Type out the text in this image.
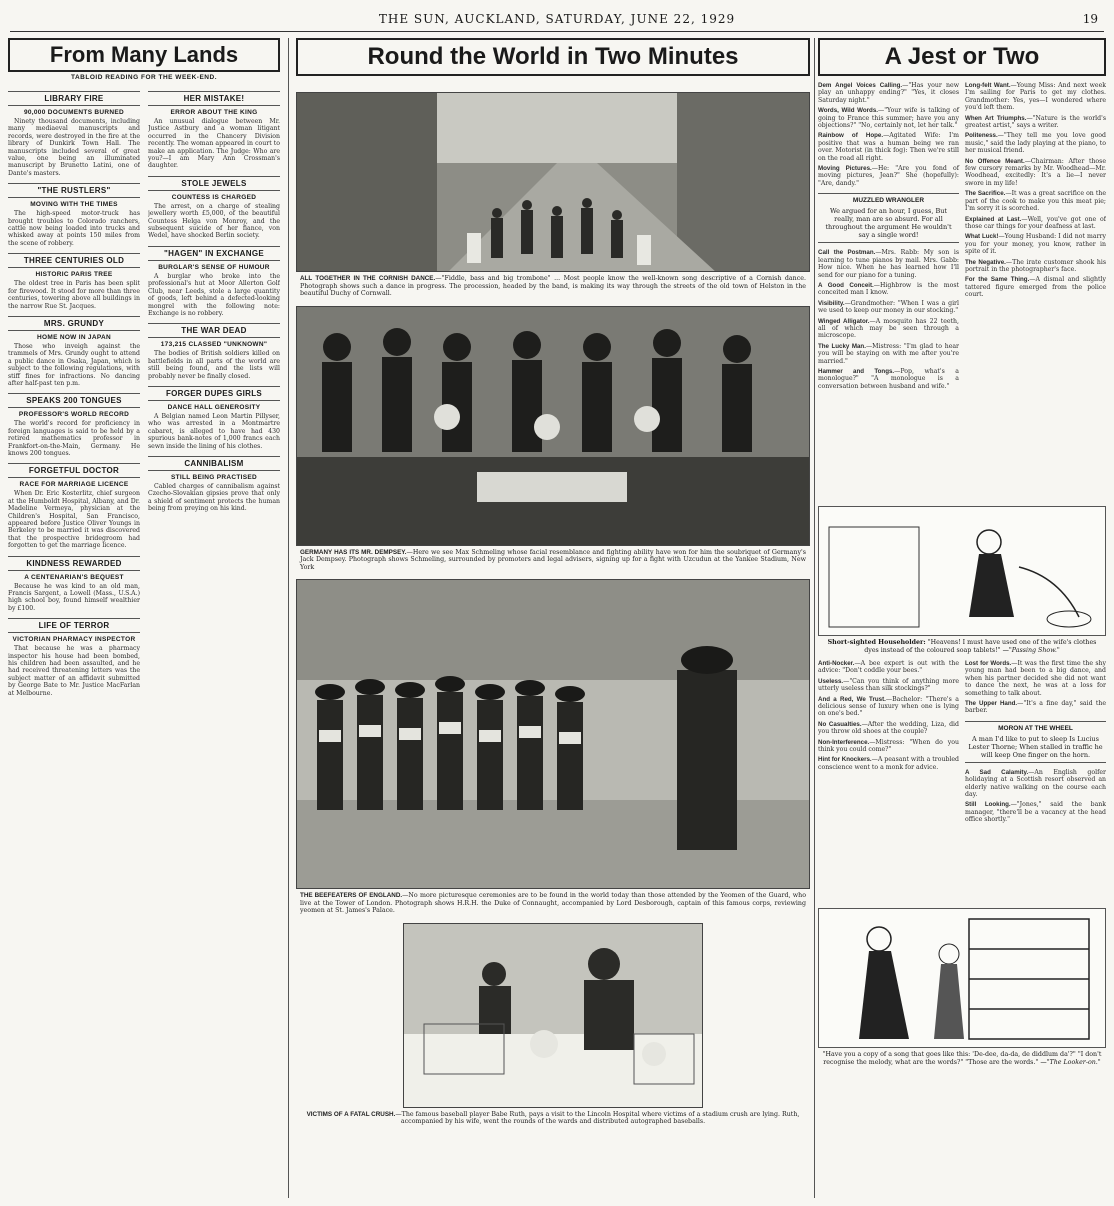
THE SUN, AUCKLAND, SATURDAY, JUNE 22, 1929	19
From Many Lands
TABLOID READING FOR THE WEEK-END.
LIBRARY FIRE
90,000 DOCUMENTS BURNED

Ninety thousand documents, including many mediaeval manuscripts and records, were destroyed in the fire at the library of Dunkirk Town Hall. The manuscripts included several of great value, one being an illuminated manuscript by Brunetto Latini, one of Dante's masters.

"THE RUSTLERS"
MOVING WITH THE TIMES

The high-speed motor-truck has brought troubles to Colorado ranchers, cattle now being loaded into trucks and whisked away at points 150 miles from the scene of robbery.

THREE CENTURIES OLD
HISTORIC PARIS TREE

The oldest tree in Paris has been split for firewood. It stood for more than three centuries, towering above all buildings in the narrow Rue St. Jacques.

MRS. GRUNDY
HOME NOW IN JAPAN

Those who inveigh against the trammels of Mrs. Grundy ought to attend a public dance in Osaka, Japan, which is subject to the following regulations, with stiff fines for infractions. No dancing after half-past ten p.m.

SPEAKS 200 TONGUES
PROFESSOR'S WORLD RECORD

The world's record for proficiency in foreign languages is said to be held by a retired mathematics professor in Frankfort-on-the-Main, Germany. He knows 200 tongues.

FORGETFUL DOCTOR
RACE FOR MARRIAGE LICENCE

When Dr. Eric Kosterlitz, chief surgeon at the Humboldt Hospital, Albany, and Dr. Madeline Vermeya, physician at the Children's Hospital, San Francisco, appeared before Justice Oliver Youngs in Berkeley to be married it was discovered that the prospective bridegroom had forgotten to get the marriage licence.

KINDNESS REWARDED
A CENTENARIAN'S BEQUEST

Because he was kind to an old man, Francis Sargent, a Lowell (Mass., U.S.A.) high school boy, found himself wealthier by £100.

LIFE OF TERROR
VICTORIAN PHARMACY INSPECTOR

That because he was a pharmacy inspector his house had been bombed, his children had been assaulted, and he had received threatening letters was the subject matter of an affidavit submitted by George Bate to Mr. Justice MacFarlan at Melbourne.

HER MISTAKE!
ERROR ABOUT THE KING

An unusual dialogue between Mr. Justice Astbury and a woman litigant occurred in the Chancery Division recently. The woman appeared in court to make an application. The Judge: Who are you?—I am Mary Ann Crossman's daughter.

STOLE JEWELS
COUNTESS IS CHARGED

The arrest, on a charge of stealing jewellery worth £5,000, of the beautiful Countess Helga von Monroy, and the subsequent suicide of her fiance, von Wedel, have shocked Berlin society.

"HAGEN" IN EXCHANGE
BURGLAR'S SENSE OF HUMOUR

A burglar who broke into the professional's hut at Moor Allerton Golf Club, near Leeds, stole a large quantity of goods, left behind a defected-looking mongrel with the following note: Exchange is no robbery.

THE WAR DEAD
173,215 CLASSED "UNKNOWN"

The bodies of British soldiers killed on battlefields in all parts of the world are still being found, and the lists will probably never be finally closed.

FORGER DUPES GIRLS
DANCE HALL GENEROSITY

A Belgian named Leon Martin Pillyser, who was arrested in a Montmartre cabaret, is alleged to have had 430 spurious bank-notes of 1,000 francs each sewn inside the lining of his clothes.

CANNIBALISM
STILL BEING PRACTISED

Cabled charges of cannibalism against Czecho-Slovakian gipsies prove that only a shield of sentiment protects the human being from preying on his kind.

Round the World in Two Minutes

ALL TOGETHER IN THE CORNISH DANCE.—"Fiddle, bass and big trombone" ... Most people know the well-known song descriptive of a Cornish dance. Photograph shows such a dance in progress. The procession, headed by the band, is making its way through the streets of the old town of Helston in the beautiful Duchy of Cornwall.

GERMANY HAS ITS MR. DEMPSEY.—Here we see Max Schmeling whose facial resemblance and fighting ability have won for him the soubriquet of Germany's Jack Dempsey. Photograph shows Schmeling, surrounded by promoters and legal advisers, signing up for a fight with Uzcudun at the Yankee Stadium, New York

THE BEEFEATERS OF ENGLAND.—No more picturesque ceremonies are to be found in the world today than those attended by the Yeomen of the Guard, who live at the Tower of London. Photograph shows H.R.H. the Duke of Connaught, accompanied by Lord Desborough, captain of this famous corps, reviewing yeomen at St. James's Palace.

VICTIMS OF A FATAL CRUSH.—The famous baseball player Babe Ruth, pays a visit to the Lincoln Hospital where victims of a stadium crush are lying. Ruth, accompanied by his wife, went the rounds of the wards and distributed autographed baseballs.

A Jest or Two

Dem Angel Voices Calling.—"Has your new play an unhappy ending?" "Yes, it closes Saturday night."

Words, Wild Words.—"Your wife is talking of going to France this summer; have you any objections?" "No, certainly not, let her talk."

Rainbow of Hope.—Agitated Wife: I'm positive that was a human being we ran over. Motorist (in thick fog): Then we're still on the road all right.

Moving Pictures.—He: "Are you fond of moving pictures, Jean?" She (hopefully): "Are, dandy."

MUZZLED WRANGLER
We argued for an hour, I guess, But really, man are so absurd. For all throughout the argument He wouldn't say a single word!

Call the Postman.—Mrs. Rabb: My son is learning to tune pianos by mail. Mrs. Gabb: How nice. When he has learned how I'll send for our piano for a tuning.

A Good Conceit.—Highbrow is the most conceited man I know.

Visibility.—Grandmother: "When I was a girl we used to keep our money in our stocking."

Winged Alligator.—A mosquito has 22 teeth, all of which may be seen through a microscope.

The Lucky Man.—Mistress: "I'm glad to hear you will be staying on with me after you're married."

Hammer and Tongs.—Pop, what's a monologue?" "A monologue is a conversation between husband and wife."

Long-felt Want.—Young Miss: And next week I'm sailing for Paris to get my clothes. Grandmother: Yes, yes—I wondered where you'd left them.

When Art Triumphs.—"Nature is the world's greatest artist," says a writer.

Politeness.—"They tell me you love good music," said the lady playing at the piano, to her musical friend.

No Offence Meant.—Chairman: After those few cursory remarks by Mr. Woodhead—Mr. Woodhead, excitedly: It's a lie—I never swore in my life!

The Sacrifice.—It was a great sacrifice on the part of the cook to make you this meat pie; I'm sorry it is scorched.

Explained at Last.—Well, you've got one of those car things for your deafness at last.

What Luck!—Young Husband: I did not marry you for your money, you know, rather in spite of it.

The Negative.—The irate customer shook his portrait in the photographer's face.

For the Same Thing.—A dismal and slightly tattered figure emerged from the police court.

Short-sighted Householder: "Heavens! I must have used one of the wife's clothes dyes instead of the coloured soap tablets!" —"Passing Show."

Anti-Nocker.—A bee expert is out with the advice: "Don't coddle your bees."

Useless.—"Can you think of anything more utterly useless than silk stockings?"

And a Red, We Trust.—Bachelor: "There's a delicious sense of luxury when one is lying on one's bed."

No Casualties.—After the wedding, Liza, did you throw old shoes at the couple?

Non-Interference.—Mistress: "When do you think you could come?"

Hint for Knockers.—A peasant with a troubled conscience went to a monk for advice.

Lost for Words.—It was the first time the shy young man had been to a big dance, and when his partner decided she did not want to dance the next, he was at a loss for something to talk about.

The Upper Hand.—"It's a fine day," said the barber.

MORON AT THE WHEEL
A man I'd like to put to sleep Is Lucius Lester Thorne; When stalled in traffic he will keep One finger on the horn.

A Sad Calamity.—An English golfer holidaying at a Scottish resort observed an elderly native walking on the course each day.

Still Looking.—"Jones," said the bank manager, "there'll be a vacancy at the head office shortly."

"Have you a copy of a song that goes like this: 'De-dee, da-da, de diddlum da'?" "I don't recognise the melody, what are the words?" "Those are the words." —"The Looker-on."
